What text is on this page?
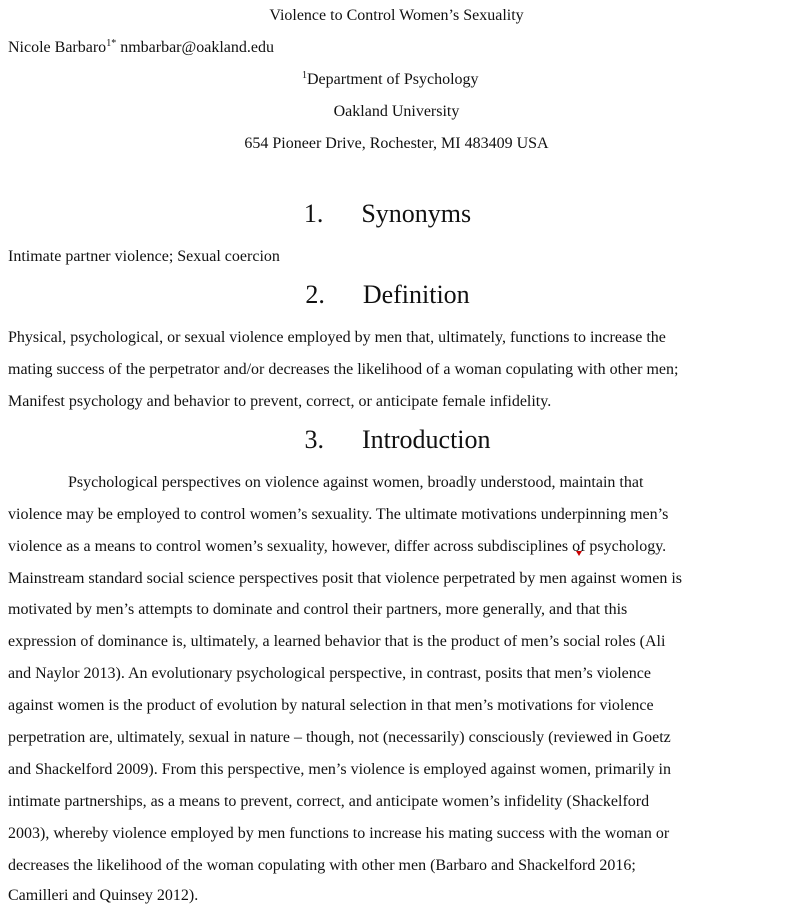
Violence to Control Women’s Sexuality
Nicole Barbaro$^{1*}$ nmbarbar@oakland.edu
$^1$Department of Psychology
Oakland University
654 Pioneer Drive, Rochester, MI 483409 USA
1. Synonyms
Intimate partner violence; Sexual coercion
2. Definition
Physical, psychological, or sexual violence employed by men that, ultimately, functions to increase the
mating success of the perpetrator and/or decreases the likelihood of a woman copulating with other men;
Manifest psychology and behavior to prevent, correct, or anticipate female infidelity.
3. Introduction
Psychological perspectives on violence against women, broadly understood, maintain that
violence may be employed to control women’s sexuality. The ultimate motivations underpinning men’s
violence as a means to control women’s sexuality, however, differ across subdisciplines of psychology.
Mainstream standard social science perspectives posit that violence perpetrated by men against women is
motivated by men’s attempts to dominate and control their partners, more generally, and that this
expression of dominance is, ultimately, a learned behavior that is the product of men’s social roles (Ali
and Naylor 2013). An evolutionary psychological perspective, in contrast, posits that men’s violence
against women is the product of evolution by natural selection in that men’s motivations for violence
perpetration are, ultimately, sexual in nature – though, not (necessarily) consciously (reviewed in Goetz
and Shackelford 2009). From this perspective, men’s violence is employed against women, primarily in
intimate partnerships, as a means to prevent, correct, and anticipate women’s infidelity (Shackelford
2003), whereby violence employed by men functions to increase his mating success with the woman or
decreases the likelihood of the woman copulating with other men (Barbaro and Shackelford 2016;
Camilleri and Quinsey 2012).
